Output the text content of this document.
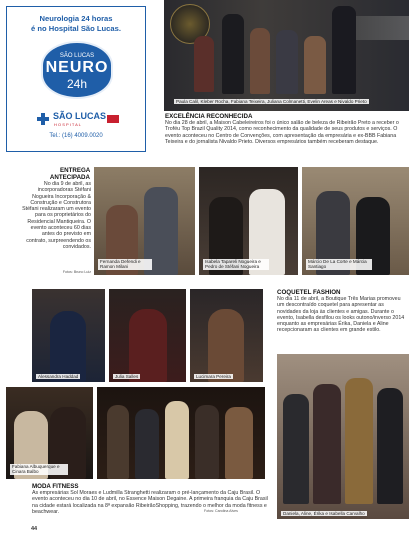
Neurologia 24 horas
é no Hospital São Lucas.
SÃO LUCAS
NEURO
24h
SÃO LUCAS
H O S P I T A L
Tel.: (16) 4009.0020
Paula Calil, Kleber Rocha, Fabiana Teixeira, Juliana Colmanetti, Evelin Areas e Nivaldo Prieto
EXCELÊNCIA RECONHECIDA
No dia 28 de abril, a Maison Cabeleireiros foi o único salão de beleza de Ribeirão Preto a receber o Troféu Top Brazil Quality 2014, como reconhecimento da qualidade de seus produtos e serviços. O evento aconteceu no Centro de Convenções, com apresentação da empresária e ex-BBB Fabiana Teixeira e do jornalista Nivaldo Prieto. Diversos empresários também receberam destaque.
ENTREGA
ANTECIPADA
No dia 9 de abril, as incorporadoras Stéfani Nogueira Incorporação & Construção e Construtora Stéfani realizaram um evento para os proprietários do Residencial Mantiqueira. O evento aconteceu 60 dias antes do previsto em contrato, surpreendendo os convidados.
Fotos: Bruno Luiz
Fernanda Defendi e Ramon Milani
Isabela Tapareli Nogueira e Pedro de Stéfani Nogueira
Márcio De La Corte e Márcia Santiago
Alessandra Haddad	Julia Salles	Lucimara Pereira
COQUETEL FASHION
No dia 11 de abril, a Boutique Três Marias promoveu um descontraído coquetel para apresentar as novidades da loja às clientes e amigas. Durante o evento, Isabella desfilou os looks outono/inverso 2014 enquanto as empresárias Érika, Daniela e Aline recepcionaram as clientes em grande estilo.
Daniela, Aline, Érika e Isabella Carvalho
Fabiana Albuquerque e Cinara Balbo
MODA FITNESS
As empresárias Sol Moraes e Ludmilla Stranghetti realizaram o pré-lançamento da Caju Brasil. O evento aconteceu no dia 10 de abril, no Essence Maison Degaine. A primeira franquia da Caju Brasil na cidade estará localizada na 8ª expansão RibeirãoShopping, trazendo o melhor da moda fitness e beachwear.	Fotos: Carolina Alves
44
